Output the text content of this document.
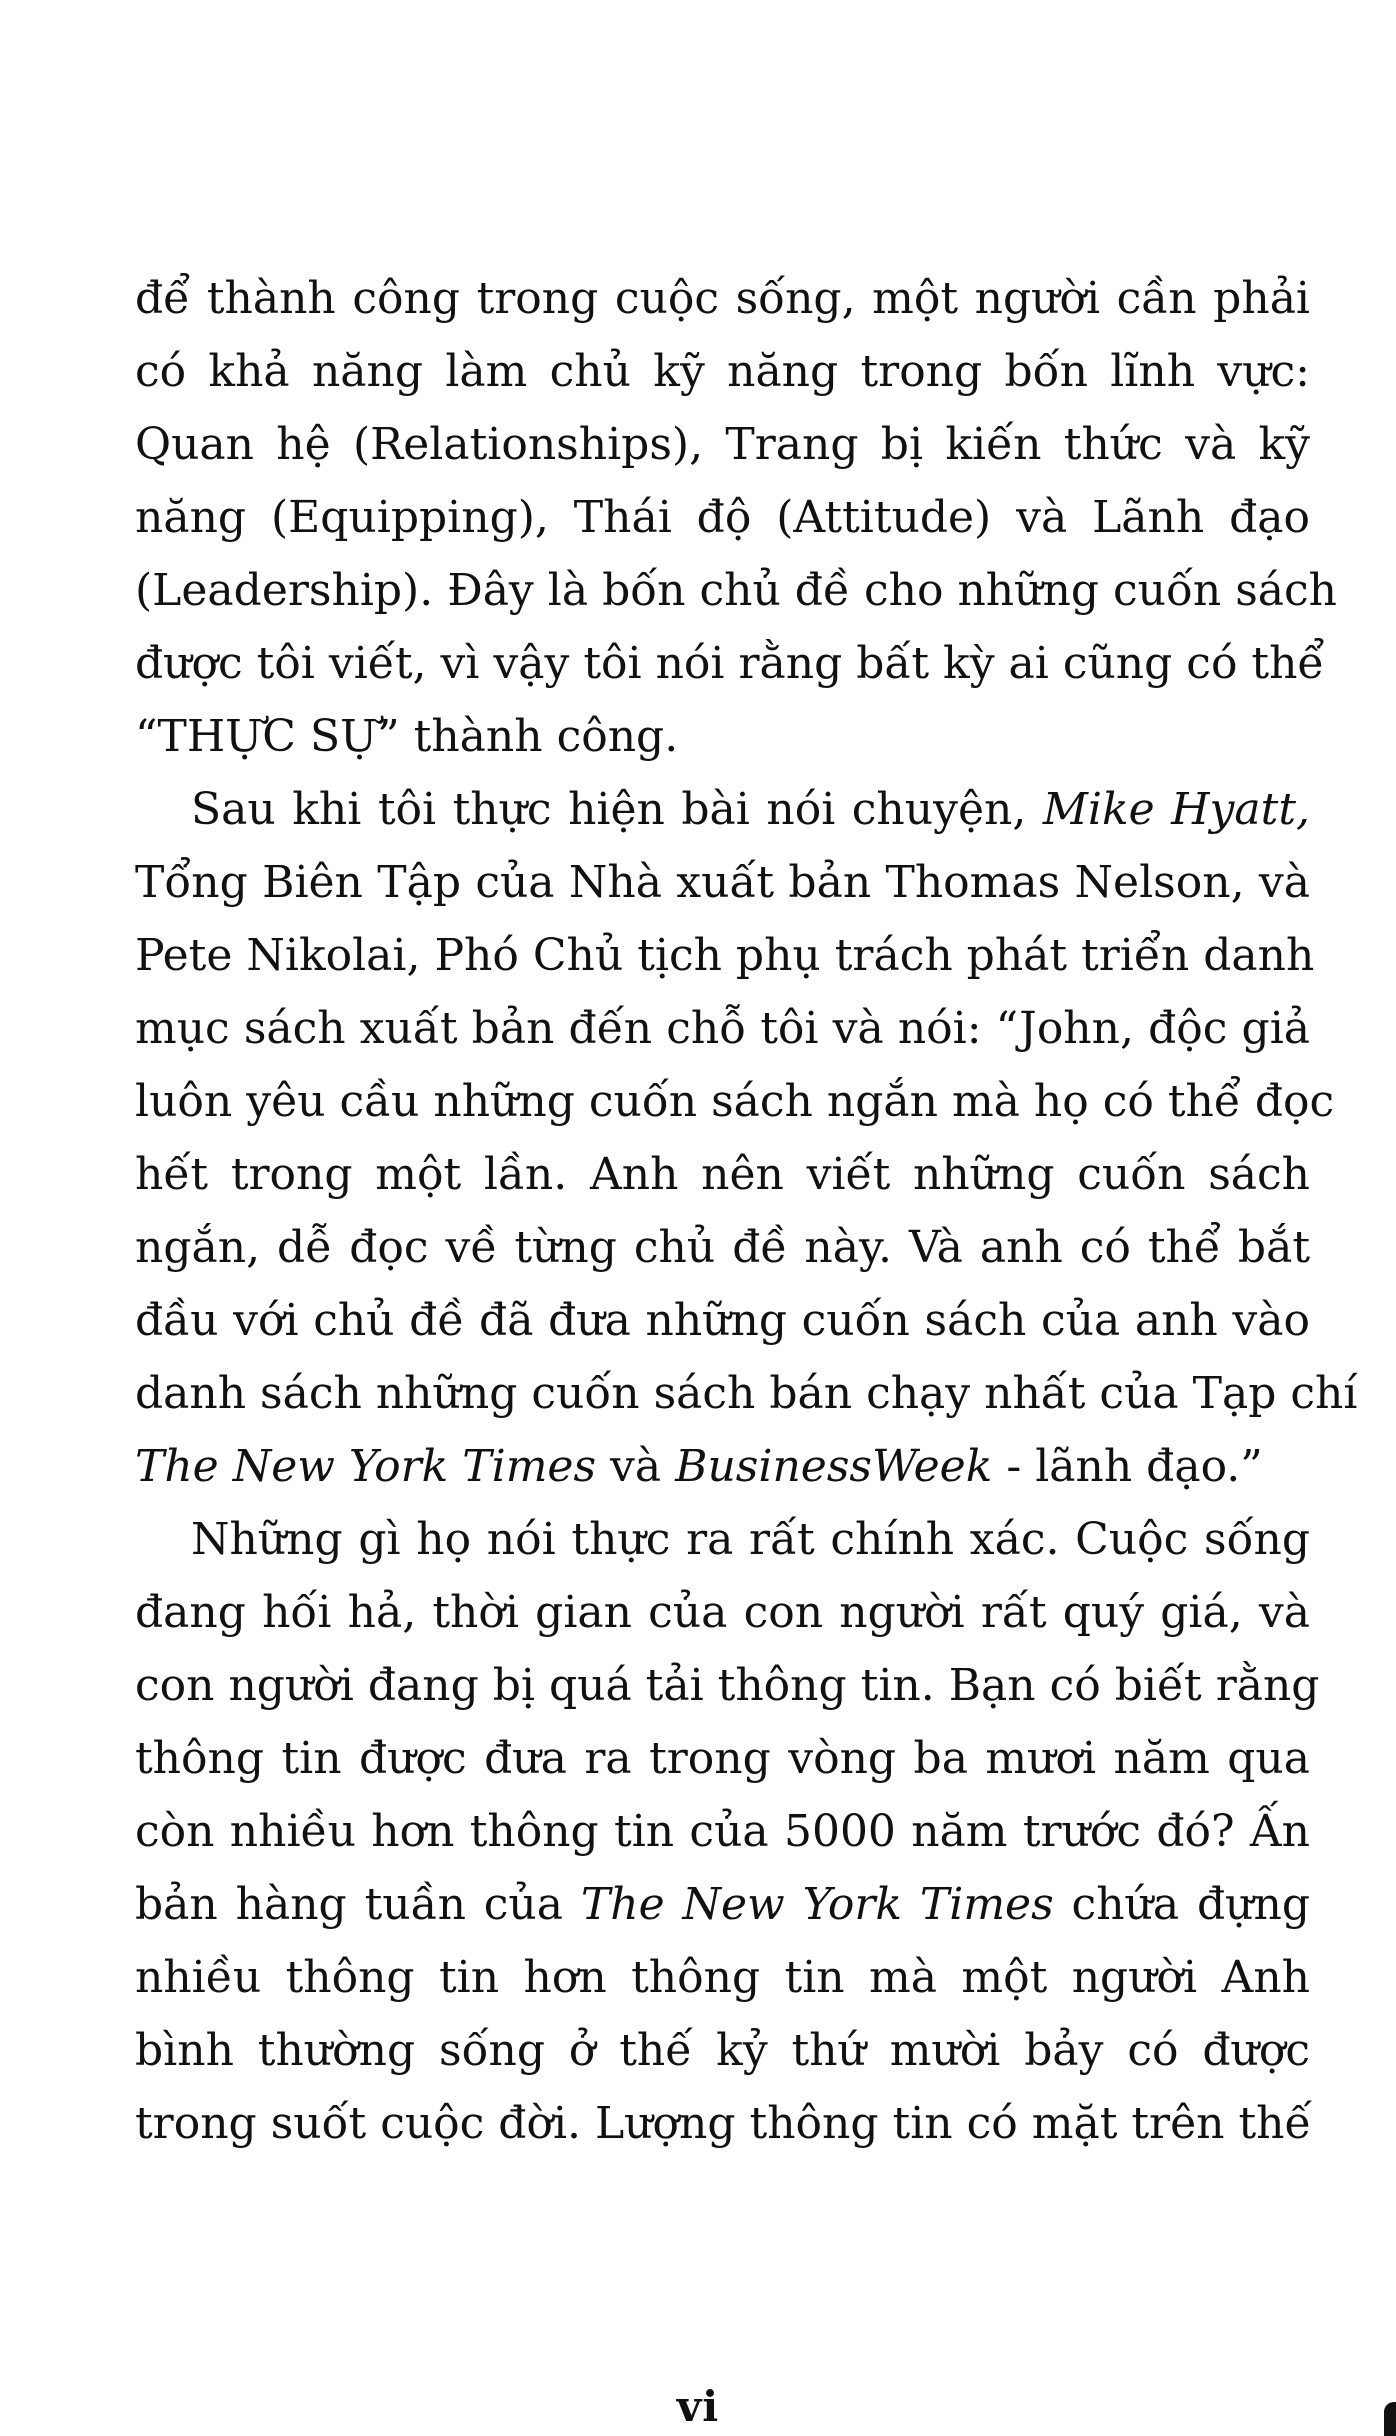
để thành công trong cuộc sống, một người cần phải
có khả năng làm chủ kỹ năng trong bốn lĩnh vực:
Quan hệ (Relationships), Trang bị kiến thức và kỹ
năng (Equipping), Thái độ (Attitude) và Lãnh đạo
(Leadership). Đây là bốn chủ đề cho những cuốn sách
được tôi viết, vì vậy tôi nói rằng bất kỳ ai cũng có thể
“THỰC SỰ” thành công.
Sau khi tôi thực hiện bài nói chuyện, Mike Hyatt,
Tổng Biên Tập của Nhà xuất bản Thomas Nelson, và
Pete Nikolai, Phó Chủ tịch phụ trách phát triển danh
mục sách xuất bản đến chỗ tôi và nói: “John, độc giả
luôn yêu cầu những cuốn sách ngắn mà họ có thể đọc
hết trong một lần. Anh nên viết những cuốn sách
ngắn, dễ đọc về từng chủ đề này. Và anh có thể bắt
đầu với chủ đề đã đưa những cuốn sách của anh vào
danh sách những cuốn sách bán chạy nhất của Tạp chí
The New York Times và BusinessWeek - lãnh đạo.”
Những gì họ nói thực ra rất chính xác. Cuộc sống
đang hối hả, thời gian của con người rất quý giá, và
con người đang bị quá tải thông tin. Bạn có biết rằng
thông tin được đưa ra trong vòng ba mươi năm qua
còn nhiều hơn thông tin của 5000 năm trước đó? Ấn
bản hàng tuần của The New York Times chứa đựng
nhiều thông tin hơn thông tin mà một người Anh
bình thường sống ở thế kỷ thứ mười bảy có được
trong suốt cuộc đời. Lượng thông tin có mặt trên thế
vi
